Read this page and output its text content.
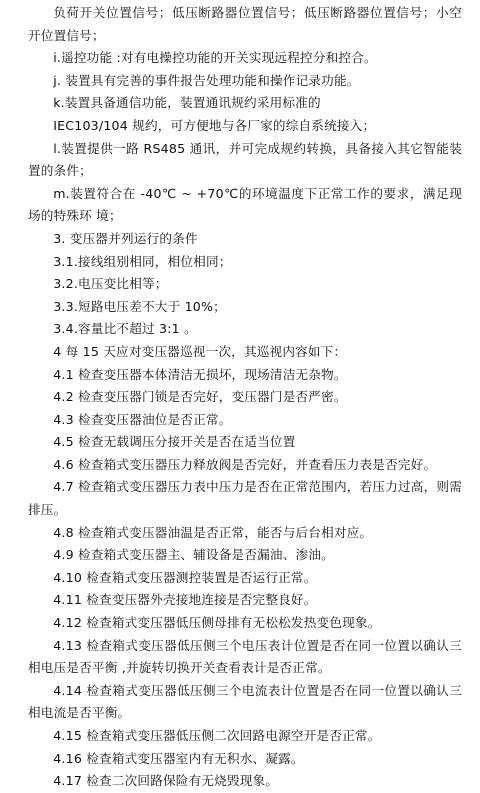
负荷开关位置信号；低压断路器位置信号；低压断路器位置信号；小空开位置信号；

i.遥控功能 :对有电操控功能的开关实现远程控分和控合。

j. 装置具有完善的事件报告处理功能和操作记录功能。

k.装置具备通信功能，装置通讯规约采用标准的

IEC103/104 规约，可方便地与各厂家的综自系统接入；

l.装置提供一路 RS485 通讯，并可完成规约转换，具备接入其它智能装置的条件；

m.装置符合在 -40℃ ~ +70℃的环境温度下正常工作的要求，满足现场的特殊环 境；

3. 变压器并列运行的条件

3.1.接线组别相同，相位相同；

3.2.电压变比相等；

3.3.短路电压差不大于 10%；

3.4.容量比不超过 3:1 。

4 每 15 天应对变压器巡视一次，其巡视内容如下：

4.1 检查变压器本体清洁无损坏，现场清洁无杂物。

4.2 检查变压器门锁是否完好，变压器门是否严密。

4.3 检查变压器油位是否正常。

4.5 检查无载调压分接开关是否在适当位置

4.6 检查箱式变压器压力释放阀是否完好，并查看压力表是否完好。

4.7 检查箱式变压器压力表中压力是否在正常范围内，若压力过高，则需排压。

4.8 检查箱式变压器油温是否正常，能否与后台相对应。

4.9 检查箱式变压器主、辅设备是否漏油、渗油。

4.10 检查箱式变压器测控装置是否运行正常。

4.11 检查变压器外壳接地连接是否完整良好。

4.12 检查箱式变压器低压侧母排有无松松发热变色现象。

4.13 检查箱式变压器低压侧三个电压表计位置是否在同一位置以确认三相电压是否平衡 ,并旋转切换开关查看表计是否正常。

4.14 检查箱式变压器低压侧三个电流表计位置是否在同一位置以确认三相电流是否平衡。

4.15 检查箱式变压器低压侧二次回路电源空开是否正常。

4.16 检查箱式变压器室内有无积水、凝露。

4.17 检查二次回路保险有无烧毁现象。
